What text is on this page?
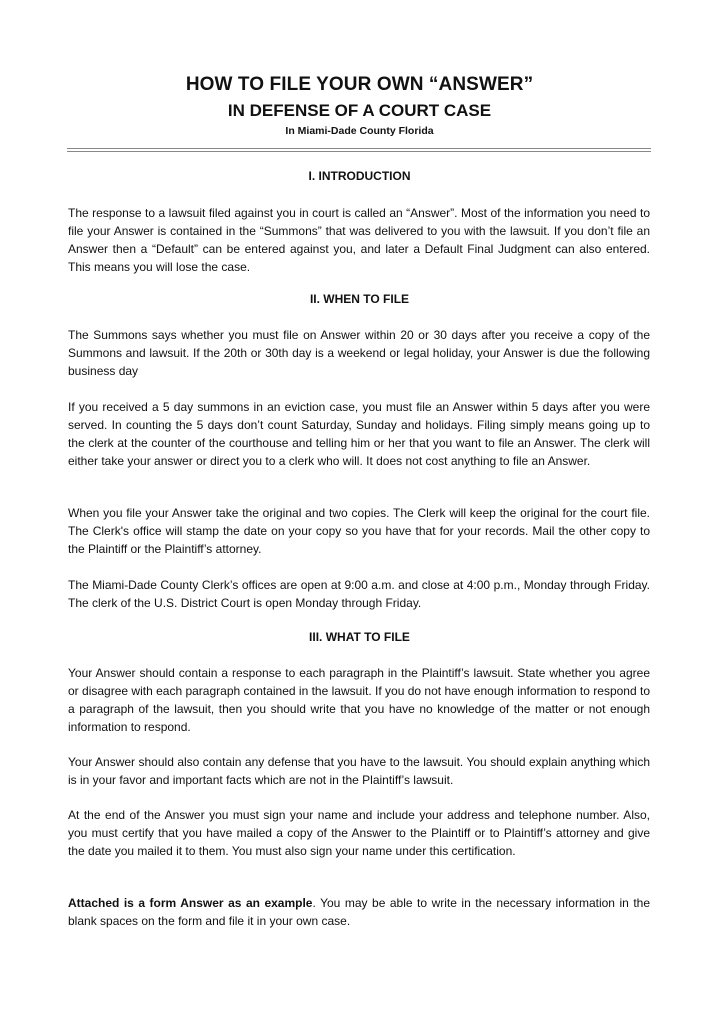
HOW TO FILE YOUR OWN “ANSWER”
IN DEFENSE OF A COURT CASE
In Miami-Dade County Florida
I. INTRODUCTION
The response to a lawsuit filed against you in court is called an “Answer”. Most of the information you need to file your Answer is contained in the “Summons” that was delivered to you with the lawsuit. If you don’t file an Answer then a “Default” can be entered against you, and later a Default Final Judgment can also entered. This means you will lose the case.
II. WHEN TO FILE
The Summons says whether you must file on Answer within 20 or 30 days after you receive a copy of the Summons and lawsuit. If the 20th or 30th day is a weekend or legal holiday, your Answer is due the following business day
If you received a 5 day summons in an eviction case, you must file an Answer within 5 days after you were served. In counting the 5 days don’t count Saturday, Sunday and holidays. Filing simply means going up to the clerk at the counter of the courthouse and telling him or her that you want to file an Answer. The clerk will either take your answer or direct you to a clerk who will. It does not cost anything to file an Answer.
When you file your Answer take the original and two copies. The Clerk will keep the original for the court file. The Clerk's office will stamp the date on your copy so you have that for your records. Mail the other copy to the Plaintiff or the Plaintiff’s attorney.
The Miami-Dade County Clerk’s offices are open at 9:00 a.m. and close at 4:00 p.m., Monday through Friday. The clerk of the U.S. District Court is open Monday through Friday.
III. WHAT TO FILE
Your Answer should contain a response to each paragraph in the Plaintiff’s lawsuit. State whether you agree or disagree with each paragraph contained in the lawsuit. If you do not have enough information to respond to a paragraph of the lawsuit, then you should write that you have no knowledge of the matter or not enough information to respond.
Your Answer should also contain any defense that you have to the lawsuit. You should explain anything which is in your favor and important facts which are not in the Plaintiff’s lawsuit.
At the end of the Answer you must sign your name and include your address and telephone number. Also, you must certify that you have mailed a copy of the Answer to the Plaintiff or to Plaintiff’s attorney and give the date you mailed it to them. You must also sign your name under this certification.
Attached is a form Answer as an example. You may be able to write in the necessary information in the blank spaces on the form and file it in your own case.
